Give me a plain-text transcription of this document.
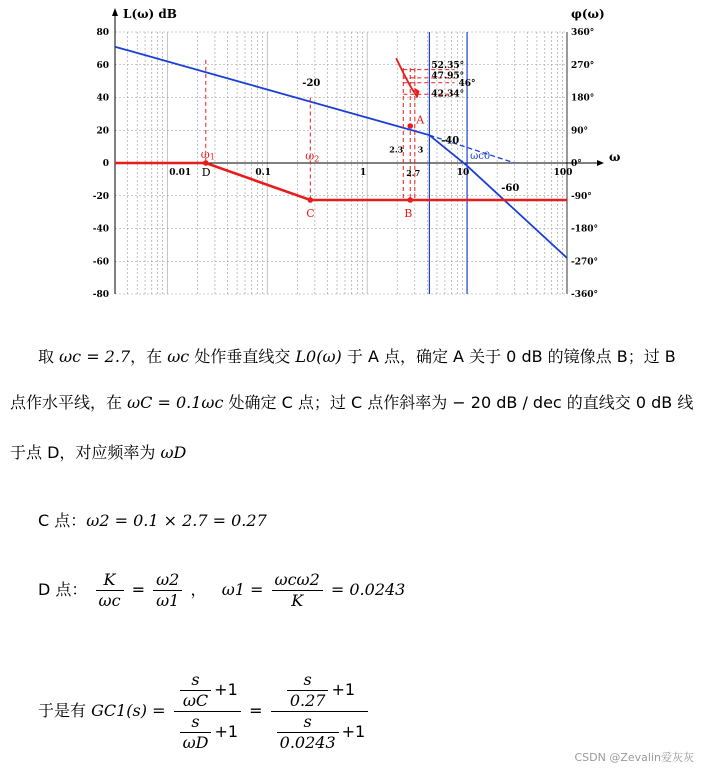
80
60
40
20
0
-20
-40
-60
-80
360°
270°
180°
90°
0°
-90°
-180°
-270°
-360°
0.01	0.1	1	10	100
L(ω) dB	φ(ω)
ω
-20
-40
-60
A
B
C
D
ω 1	ω 2	ωc0
2.3 3
2.7
52.35°
47.95°
46°
42.34°
取 ωc = 2.7，在 ωc 处作垂直线交 L0(ω) 于 A 点，确定 A 关于 0 dB 的镜像点 B；过 B
点作水平线，在 ωC = 0.1ωc 处确定 C 点；过 C 点作斜率为 − 20 dB / dec 的直线交 0 dB 线
于点 D，对应频率为 ωD
C 点：ω2 = 0.1 × 2.7 = 0.27
D 点： $\frac{K}{\omega c} = \frac{\omega 2}{\omega 1}$ ， $\omega 1 = \frac{\text{ωcω2}}{K} = 0.0243$
于是有 $GC1(s) = \frac{\frac{s}{\omega C} +1}{\frac{s}{\omega D} +1} = \frac{\frac{s}{0.27} +1}{\frac{s}{0.0243} +1}$
CSDN @Zevalin爱灰灰
